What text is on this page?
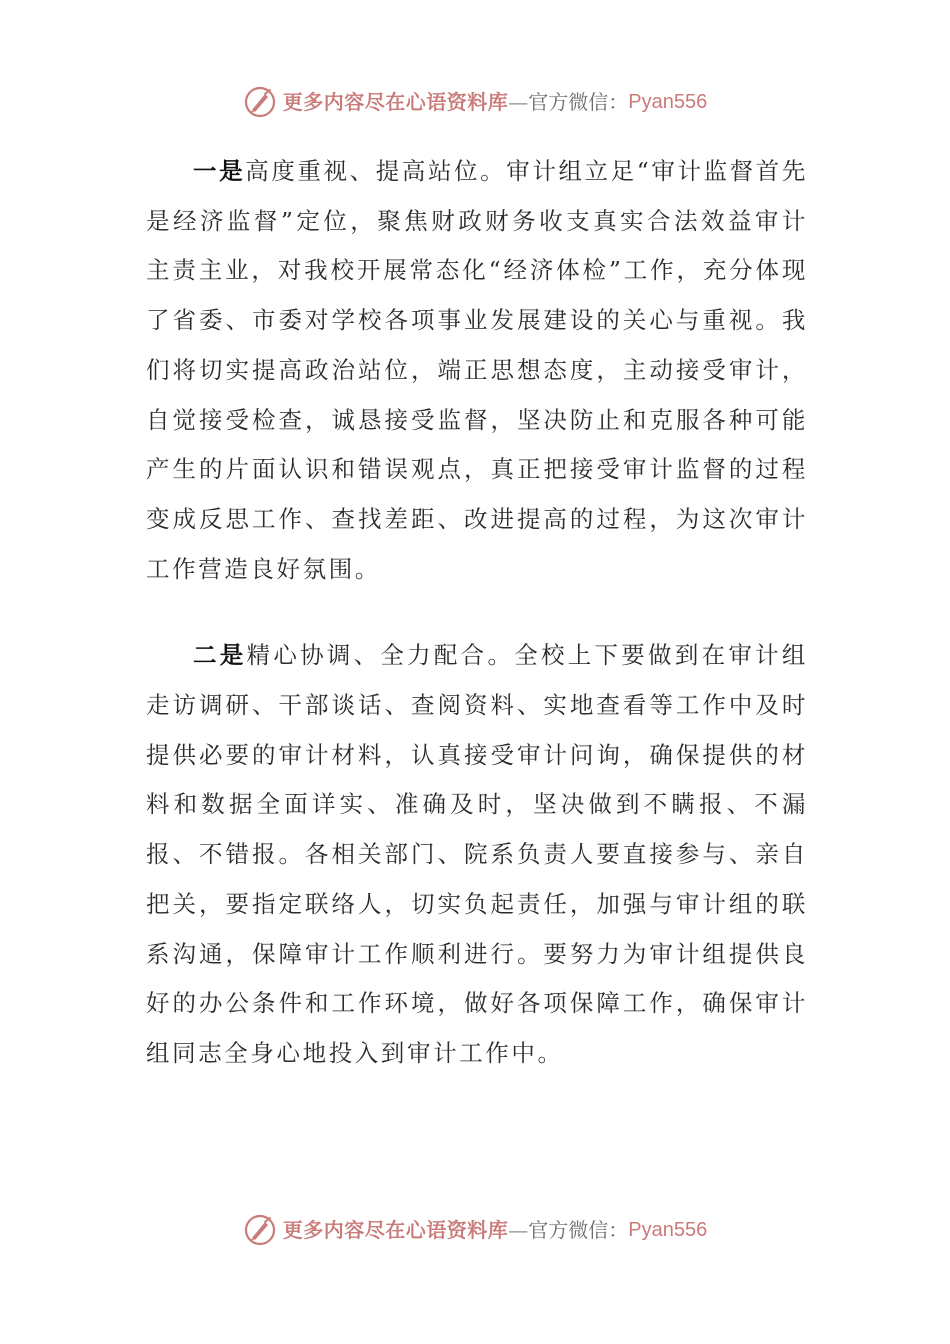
更多内容尽在心语资料库 — 官方微信： Pyan556

一是高度重视、提高站位。审计组立足“审计监督首先是经济监督”定位，聚焦财政财务收支真实合法效益审计主责主业，对我校开展常态化“经济体检”工作，充分体现了省委、市委对学校各项事业发展建设的关心与重视。我们将切实提高政治站位，端正思想态度，主动接受审计，自觉接受检查，诚恳接受监督，坚决防止和克服各种可能产生的片面认识和错误观点，真正把接受审计监督的过程变成反思工作、查找差距、改进提高的过程，为这次审计工作营造良好氛围。

二是精心协调、全力配合。全校上下要做到在审计组走访调研、干部谈话、查阅资料、实地查看等工作中及时提供必要的审计材料，认真接受审计问询，确保提供的材料和数据全面详实、准确及时，坚决做到不瞒报、不漏报、不错报。各相关部门、院系负责人要直接参与、亲自把关，要指定联络人，切实负起责任，加强与审计组的联系沟通，保障审计工作顺利进行。要努力为审计组提供良好的办公条件和工作环境，做好各项保障工作，确保审计组同志全身心地投入到审计工作中。

更多内容尽在心语资料库 — 官方微信： Pyan556
